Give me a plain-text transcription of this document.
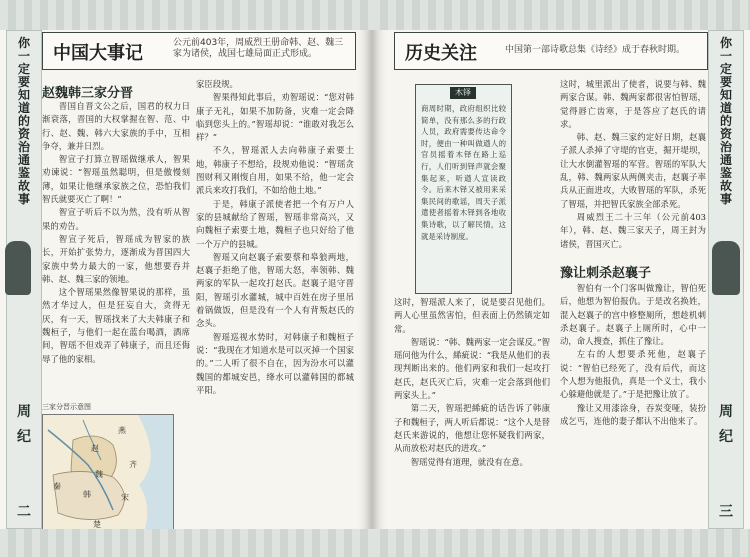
你
一
定
要
知
道
的
资
治
通
鉴
故
事
周
纪
二
中国大事记	公元前403年，周威烈王册命韩、赵、魏三家为诸侯，战国七雄局面正式形成。
赵魏韩三家分晋

晋国自晋文公之后，国君的权力日渐衰落，晋国的大权掌握在智、范、中行、赵、魏、韩六大家族的手中，互相争夺，兼并日烈。

智宣子打算立智瑶做继承人，智果劝谏说：“智瑶虽然聪明，但是傲慢刻薄，如果让他继承家族之位，恐怕我们智氏就要灭亡了啊！”

智宣子听后不以为然，没有听从智果的劝告。

智宣子死后，智瑶成为智家的族长，开始扩张势力，逐渐成为晋国四大家族中势力最大的一家，他想要吞并韩、赵、魏三家的领地。

这个智瑶果然像智果说的那样，虽然才华过人，但是狂妄自大，贪得无厌，有一天，智瑶找来了大夫韩康子和魏桓子，与他们一起在蓝台喝酒，酒席间，智瑶不但戏弄了韩康子，而且还侮辱了他的家相。

三家分晋示意图
燕
齐
赵
魏
韩
秦
楚
宋

家臣段规。

智果得知此事后，劝智瑶说：“您对韩康子无礼，如果不加防备，灾难一定会降临到您头上的。”智瑶却说：“谁敢对我怎么样？”

不久，智瑶派人去向韩康子索要土地，韩康子不想给，段规劝他说：“智瑶贪图财利又刚愎自用，如果不给，他一定会派兵来攻打我们，不如给他土地。”

于是，韩康子派使者把一个有万户人家的县城献给了智瑶，智瑶非常高兴，又向魏桓子索要土地，魏桓子也只好给了他一个万户的县城。

智瑶又向赵襄子索要蔡和皋狼两地，赵襄子拒绝了他，智瑶大怒，率领韩、魏两家的军队一起攻打赵氏。赵襄子退守晋阳，智瑶引水灌城，城中百姓在房子里吊着锅做饭，但是没有一个人有背叛赵氏的念头。

智瑶巡视水势时，对韩康子和魏桓子说：“我现在才知道水是可以灭掉一个国家的。”二人听了很不自在，因为汾水可以灌魏国的都城安邑，绛水可以灌韩国的都城平阳。

历史关注	中国第一部诗歌总集《诗经》成于春秋时期。
木铎
商周时期，政府组织比较简单，没有那么多的行政人员，政府需要传达命令时，便由一种叫做遒人的官员摇着木铎在路上巡行，人们听到铎声就会聚集起来，听遒人宣读政令。后来木铎又被用来采集民间的歌谣，周天子派遣使者摇着木铎到各地收集诗歌，以了解民情，这就是采诗制度。

这时，智瑶派人来了，说是要召见他们。两人心里虽然害怕，但表面上仍然镇定如常。

智瑶说：“韩、魏两家一定会谋反。”智瑶问他为什么，絺疵说：“我是从他们的表现判断出来的。他们两家和我们一起攻打赵氏，赵氏灭亡后，灾难一定会落到他们两家头上。”

第二天，智瑶把絺疵的话告诉了韩康子和魏桓子，两人听后都说：“这个人是替赵氏来游说的，他想让您怀疑我们两家，从而放松对赵氏的进攻。”

智瑶觉得有道理，就没有在意。

这时，城里派出了使者，说要与韩、魏两家合谋。韩、魏两家都很害怕智瑶，觉得唇亡齿寒，于是答应了赵氏的请求。

韩、赵、魏三家约定好日期，赵襄子派人杀掉了守堤的官吏，掘开堤坝，让大水倒灌智瑶的军营。智瑶的军队大乱，韩、魏两家从两侧夹击，赵襄子率兵从正面进攻，大败智瑶的军队，杀死了智瑶，并把智氏家族全部杀死。

周威烈王二十三年（公元前403年），韩、赵、魏三家天子，周王封为诸侯，晋国灭亡。

豫让刺杀赵襄子

智伯有一个门客叫做豫让，智伯死后，他想为智伯报仇。于是改名换姓，混入赵襄子的宫中修整厕所，想趁机刺杀赵襄子。赵襄子上厕所时，心中一动，命人搜查，抓住了豫让。

左右的人想要杀死他，赵襄子说：“智伯已经死了，没有后代，而这个人想为他报仇，真是一个义士，我小心躲避他就是了。”于是把豫让放了。

豫让又用漆涂身，吞炭变哑，装扮成乞丐，连他的妻子都认不出他来了。

你
一
定
要
知
道
的
资
治
通
鉴
故
事
周
纪
三
